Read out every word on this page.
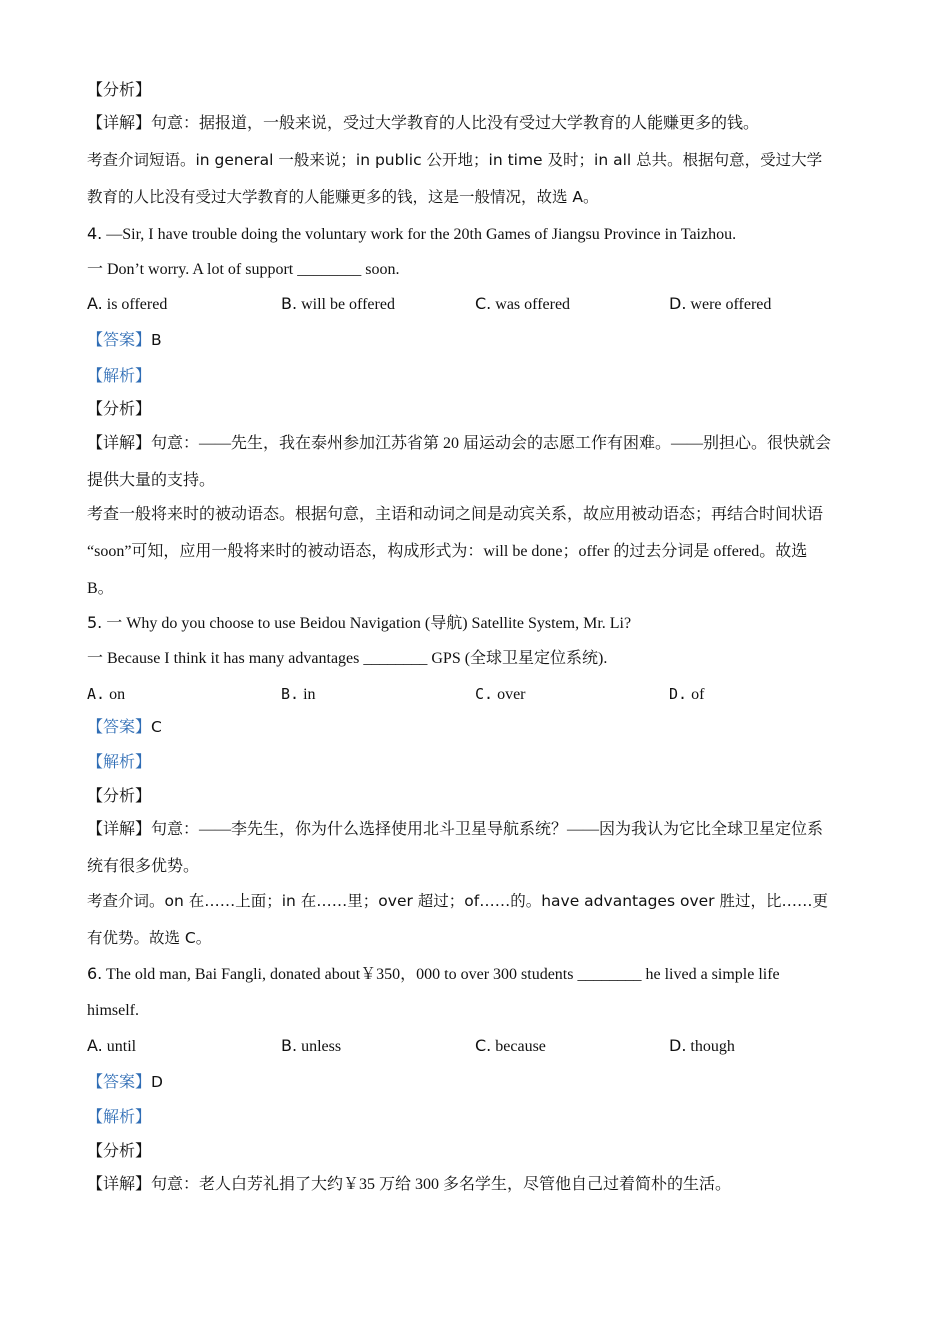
【分析】
【详解】句意：据报道，一般来说，受过大学教育的人比没有受过大学教育的人能赚更多的钱。
考查介词短语。in general 一般来说；in public 公开地；in time 及时；in all 总共。根据句意，受过大学
教育的人比没有受过大学教育的人能赚更多的钱，这是一般情况，故选 A。
4. —Sir, I have trouble doing the voluntary work for the 20th Games of Jiangsu Province in Taizhou.
一 Don’t worry. A lot of support ________ soon.
A. is offered	B. will be offered	C. was offered	D. were offered
【答案】B
【解析】
【分析】
【详解】句意：——先生，我在泰州参加江苏省第 20 届运动会的志愿工作有困难。——别担心。很快就会
提供大量的支持。
考查一般将来时的被动语态。根据句意，主语和动词之间是动宾关系，故应用被动语态；再结合时间状语
“soon”可知，应用一般将来时的被动语态，构成形式为：will be done；offer 的过去分词是 offered。故选
B。
5. 一 Why do you choose to use Beidou Navigation (导航) Satellite System, Mr. Li?
一 Because I think it has many advantages ________ GPS (全球卫星定位系统).
A. on	B. in	C. over	D. of
【答案】C
【解析】
【分析】
【详解】句意：——李先生，你为什么选择使用北斗卫星导航系统？——因为我认为它比全球卫星定位系
统有很多优势。
考查介词。on 在……上面；in 在……里；over 超过；of……的。have advantages over 胜过，比……更
有优势。故选 C。
6. The old man, Bai Fangli, donated about￥350，000 to over 300 students ________ he lived a simple life
himself.
A. until	B. unless	C. because	D. though
【答案】D
【解析】
【分析】
【详解】句意：老人白芳礼捐了大约￥35 万给 300 多名学生，尽管他自己过着简朴的生活。
